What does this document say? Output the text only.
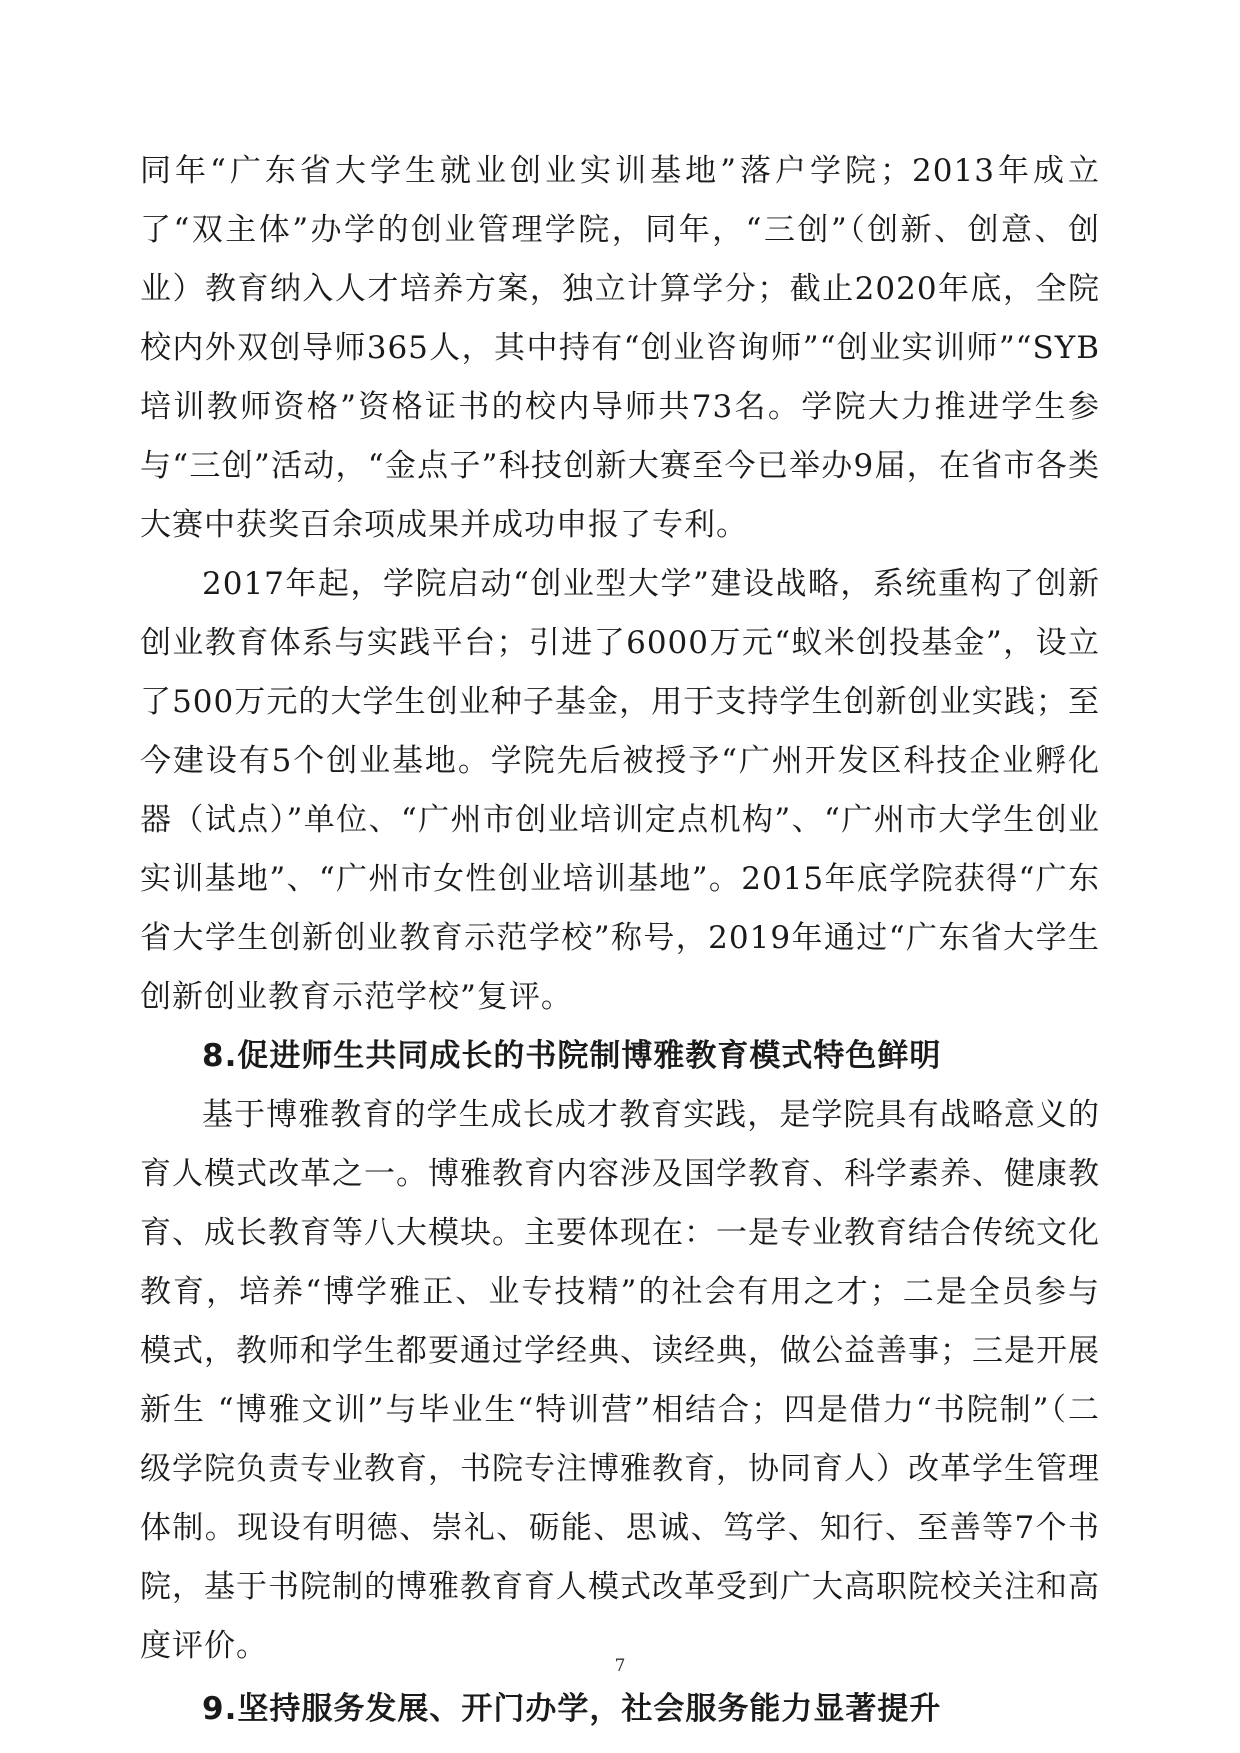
同年“广东省大学生就业创业实训基地”落户学院；2013年成立了“双主体”办学的创业管理学院，同年，“三创”（创新、创意、创业）教育纳入人才培养方案，独立计算学分；截止2020年底，全院校内外双创导师365人，其中持有“创业咨询师”“创业实训师”“SYB培训教师资格”资格证书的校内导师共73名。学院大力推进学生参与“三创”活动，“金点子”科技创新大赛至今已举办9届，在省市各类大赛中获奖百余项成果并成功申报了专利。

2017年起，学院启动“创业型大学”建设战略，系统重构了创新创业教育体系与实践平台；引进了6000万元“蚁米创投基金”，设立了500万元的大学生创业种子基金，用于支持学生创新创业实践；至今建设有5个创业基地。学院先后被授予“广州开发区科技企业孵化器（试点）”单位、“广州市创业培训定点机构”、“广州市大学生创业实训基地”、“广州市女性创业培训基地”。2015年底学院获得“广东省大学生创新创业教育示范学校”称号，2019年通过“广东省大学生创新创业教育示范学校”复评。

8.促进师生共同成长的书院制博雅教育模式特色鲜明

基于博雅教育的学生成长成才教育实践，是学院具有战略意义的育人模式改革之一。博雅教育内容涉及国学教育、科学素养、健康教育、成长教育等八大模块。主要体现在：一是专业教育结合传统文化教育，培养“博学雅正、业专技精”的社会有用之才；二是全员参与模式，教师和学生都要通过学经典、读经典，做公益善事；三是开展新生 “博雅文训”与毕业生“特训营”相结合；四是借力“书院制”（二级学院负责专业教育，书院专注博雅教育，协同育人）改革学生管理体制。现设有明德、崇礼、砺能、思诚、笃学、知行、至善等7个书院，基于书院制的博雅教育育人模式改革受到广大高职院校关注和高度评价。

9.坚持服务发展、开门办学，社会服务能力显著提升

7
